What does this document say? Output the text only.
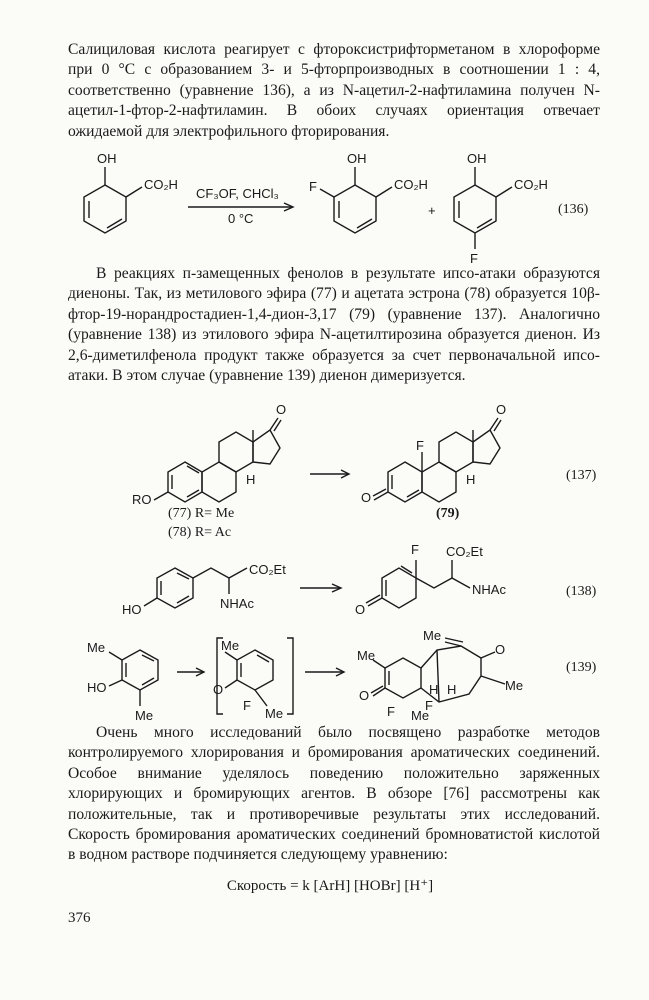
Салициловая кислота реагирует с фтороксистрифторметаном в хлороформе при 0 °С с образованием 3- и 5-фторпроизводных в соотношении 1 : 4, соответственно (уравнение 136), а из N-ацетил-2-нафтиламина получен N-ацетил-1-фтор-2-нафтиламин. В обоих случаях ориентация отвечает ожидаемой для электрофильного фторирования.

OH
CO₂H
CF₃OF, CHCl₃
0 °C
OH
CO₂H
F
+
OH
CO₂H
F
(136)

В реакциях п-замещенных фенолов в результате ипсо-атаки образуются диеноны. Так, из метилового эфира (77) и ацетата эстрона (78) образуется 10β-фтор-19-норандростадиен-1,4-дион-3,17 (79) (уравнение 137). Аналогично (уравнение 138) из этилового эфира N-ацетилтирозина образуется диенон. Из 2,6-диметилфенола продукт также образуется за счет первоначальной ипсо-атаки. В этом случае (уравнение 139) диенон димеризуется.

O
RO
H
F
O
O
H
(77) R= Me
(78) R= Ac
(79)
(137)
HO
CO₂Et
NHAc	O
F CO₂Et
NHAc	(138)
Me
HO
Me
Me
O
F
Me
Me
Me
O
O
H H	Me
F F
Me
(139)

Очень много исследований было посвящено разработке методов контролируемого хлорирования и бромирования ароматических соединений. Особое внимание уделялось поведению положительно заряженных хлорирующих и бромирующих агентов. В обзоре [76] рассмотрены как положительные, так и противоречивые результаты этих исследований. Скорость бромирования ароматических соединений бромноватистой кислотой в водном растворе подчиняется следующему уравнению:

Скорость = k [ArH] [HOBr] [H⁺]
376
